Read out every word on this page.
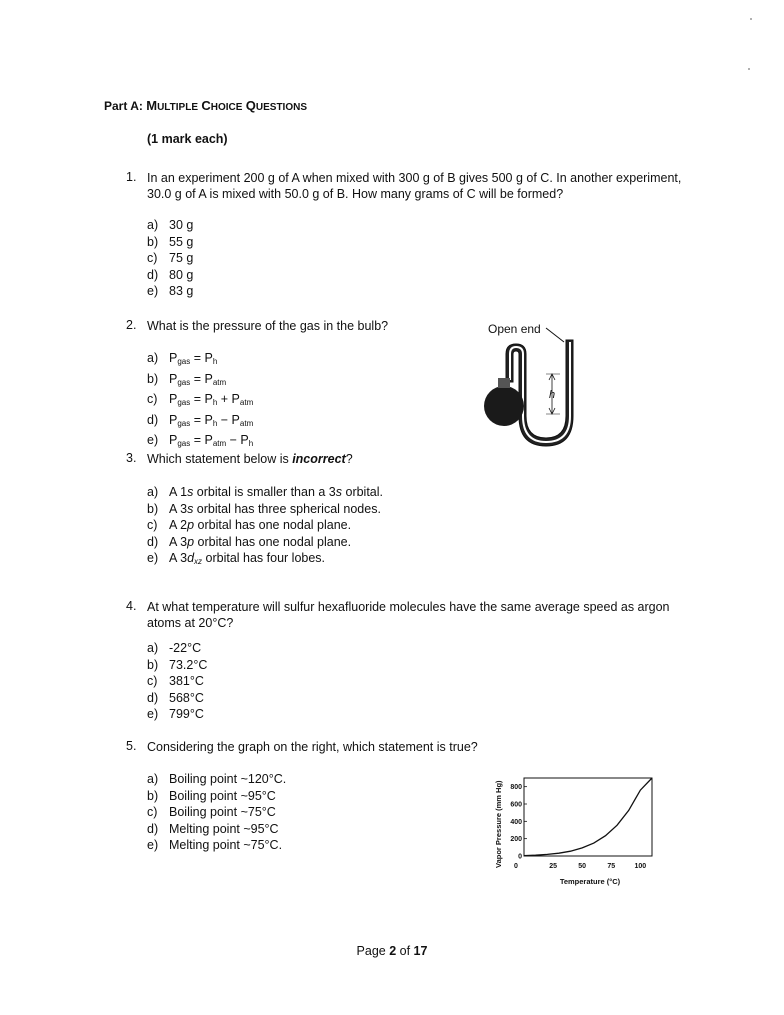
Part A: MULTIPLE CHOICE QUESTIONS
(1 mark each)
1. In an experiment 200 g of A when mixed with 300 g of B gives 500 g of C. In another experiment, 30.0 g of A is mixed with 50.0 g of B. How many grams of C will be formed?
a) 30 g
b) 55 g
c) 75 g
d) 80 g
e) 83 g
2. What is the pressure of the gas in the bulb?
a) $P_{gas} = P_h$
b) $P_{gas} = P_{atm}$
c) $P_{gas} = P_h + P_{atm}$
d) $P_{gas} = P_h - P_{atm}$
e) $P_{gas} = P_{atm} - P_h$
Open end
h
3. Which statement below is incorrect?
a) A 1s orbital is smaller than a 3s orbital.
b) A 3s orbital has three spherical nodes.
c) A 2p orbital has one nodal plane.
d) A 3p orbital has one nodal plane.
e) A $3d_{xz}$ orbital has four lobes.
4. At what temperature will sulfur hexafluoride molecules have the same average speed as argon atoms at 20°C?
a) -22°C
b) 73.2°C
c) 381°C
d) 568°C
e) 799°C
5. Considering the graph on the right, which statement is true?
a) Boiling point ~120°C.
b) Boiling point ~95°C
c) Boiling point ~75°C
d) Melting point ~95°C
e) Melting point ~75°C.	Vapor Pressure (mm Hg)
Temperature (°C)
0
200
400
600
800
0	25	50	75	100
Page 2 of 17
